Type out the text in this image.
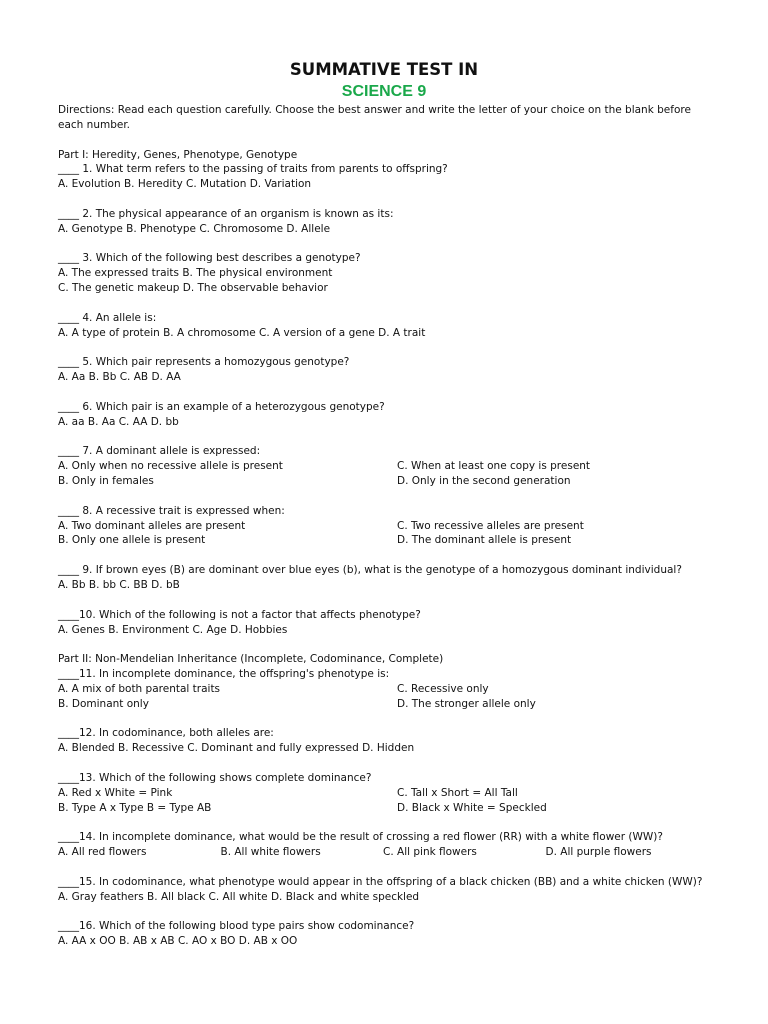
SUMMATIVE TEST IN
SCIENCE 9
Directions: Read each question carefully. Choose the best answer and write the letter of your choice on the blank before each number.
Part I: Heredity, Genes, Phenotype, Genotype
____ 1. What term refers to the passing of traits from parents to offspring?
A. Evolution B. Heredity C. Mutation D. Variation
____ 2. The physical appearance of an organism is known as its:
A. Genotype B. Phenotype C. Chromosome D. Allele
____ 3. Which of the following best describes a genotype?
A. The expressed traits B. The physical environment
C. The genetic makeup D. The observable behavior
____ 4. An allele is:
A. A type of protein B. A chromosome C. A version of a gene D. A trait
____ 5. Which pair represents a homozygous genotype?
A. Aa B. Bb C. AB D. AA
____ 6. Which pair is an example of a heterozygous genotype?
A. aa B. Aa C. AA D. bb
____ 7. A dominant allele is expressed:
A. Only when no recessive allele is present	C. When at least one copy is present
B. Only in females	D. Only in the second generation
____ 8. A recessive trait is expressed when:
A. Two dominant alleles are present	C. Two recessive alleles are present
B. Only one allele is present	D. The dominant allele is present
____ 9. If brown eyes (B) are dominant over blue eyes (b), what is the genotype of a homozygous dominant individual?
A. Bb B. bb C. BB D. bB
____10. Which of the following is not a factor that affects phenotype?
A. Genes B. Environment C. Age D. Hobbies
Part II: Non-Mendelian Inheritance (Incomplete, Codominance, Complete)
____11. In incomplete dominance, the offspring's phenotype is:
A. A mix of both parental traits	C. Recessive only
B. Dominant only	D. The stronger allele only
____12. In codominance, both alleles are:
A. Blended B. Recessive C. Dominant and fully expressed D. Hidden
____13. Which of the following shows complete dominance?
A. Red x White = Pink	C. Tall x Short = All Tall
B. Type A x Type B = Type AB	D. Black x White = Speckled
____14. In incomplete dominance, what would be the result of crossing a red flower (RR) with a white flower (WW)?
A. All red flowers	B. All white flowers	C. All pink flowers	D. All purple flowers
____15. In codominance, what phenotype would appear in the offspring of a black chicken (BB) and a white chicken (WW)?
A. Gray feathers B. All black C. All white D. Black and white speckled
____16. Which of the following blood type pairs show codominance?
A. AA x OO B. AB x AB C. AO x BO D. AB x OO
